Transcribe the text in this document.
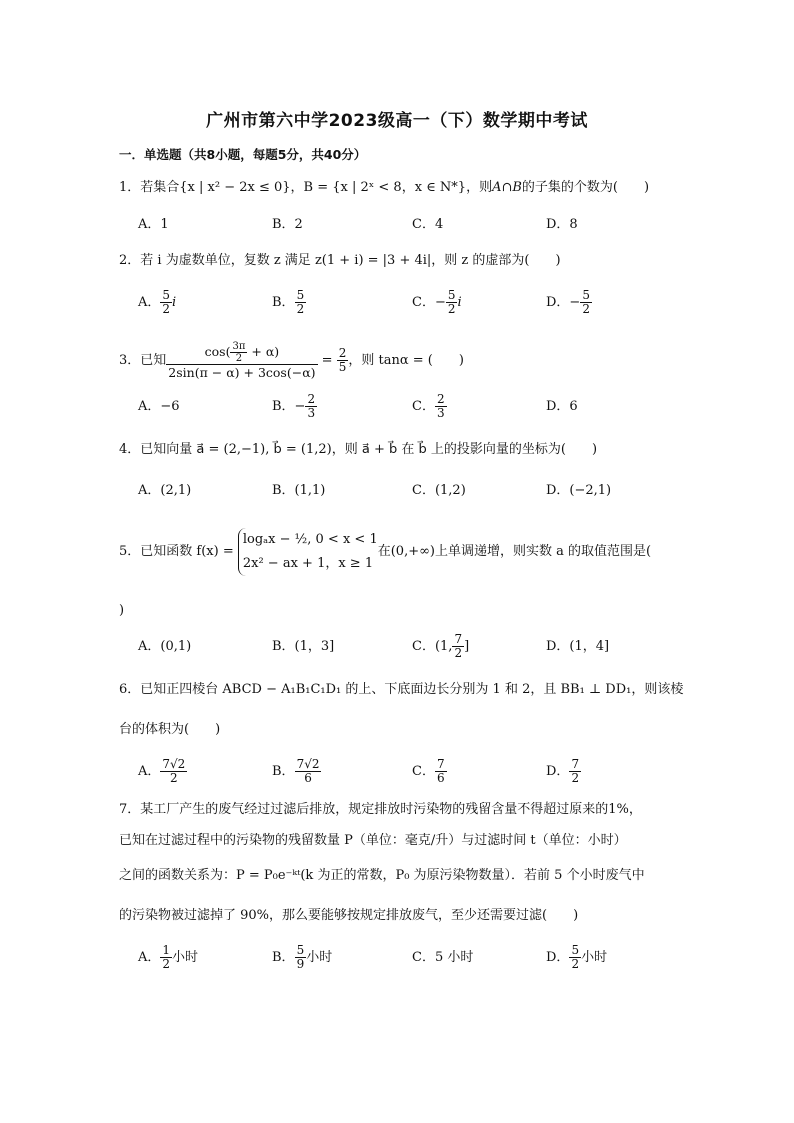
广州市第六中学2023级高一（下）数学期中考试
一．单选题（共8小题，每题5分，共40分）
1．若集合{x | x² − 2x ≤ 0}，B = {x | 2ˣ < 8，x ∈ N*}，则A∩B的子集的个数为(　　)
A．1	B．2	C．4	D．8
2．若 i 为虚数单位，复数 z 满足 z(1 + i) = |3 + 4i|，则 z 的虚部为(　　)
A． $\frac{5}{2}$ i	B． $\frac{5}{2}$	C．− $\frac{5}{2}$ i	D．− $\frac{5}{2}$
3．已知 $\frac{\cos( \frac{3\pi}{2} + \alpha)}{2\sin(\pi - \alpha) + 3\cos(-\alpha)} = \frac{2}{5}$ ，则 tanα = (　　)
A．−6	B．− $\frac{2}{3}$	C． $\frac{2}{3}$	D．6
4．已知向量 a⃗ = (2,−1), b⃗ = (1,2)，则 a⃗ + b⃗ 在 b⃗ 上的投影向量的坐标为(　　)
A．(2,1)	B．(1,1)	C．(1,2)	D．(−2,1)
5．已知函数 f(x) =
logₐx − ½, 0 < x < 1
2x² − ax + 1，x ≥ 1
在(0,+∞)上单调递增，则实数 a 的取值范围是(
)
A．(0,1)	B．(1，3]	C．(1, $\frac{7}{2}$ ]	D．(1，4]
6．已知正四棱台 ABCD − A₁B₁C₁D₁ 的上、下底面边长分别为 1 和 2，且 BB₁ ⊥ DD₁，则该棱
台的体积为(　　)
A． $\frac{7√2}{2}$	B． $\frac{7√2}{6}$	C． $\frac{7}{6}$	D． $\frac{7}{2}$
7．某工厂产生的废气经过过滤后排放，规定排放时污染物的残留含量不得超过原来的1%，
已知在过滤过程中的污染物的残留数量 P（单位：毫克/升）与过滤时间 t（单位：小时）
之间的函数关系为：P = P₀e⁻ᵏᵗ(k 为正的常数，P₀ 为原污染物数量）．若前 5 个小时废气中
的污染物被过滤掉了 90%，那么要能够按规定排放废气，至少还需要过滤(　　)
A． $\frac{1}{2}$ 小时	B． $\frac{5}{9}$ 小时	C．5 小时	D． $\frac{5}{2}$ 小时
